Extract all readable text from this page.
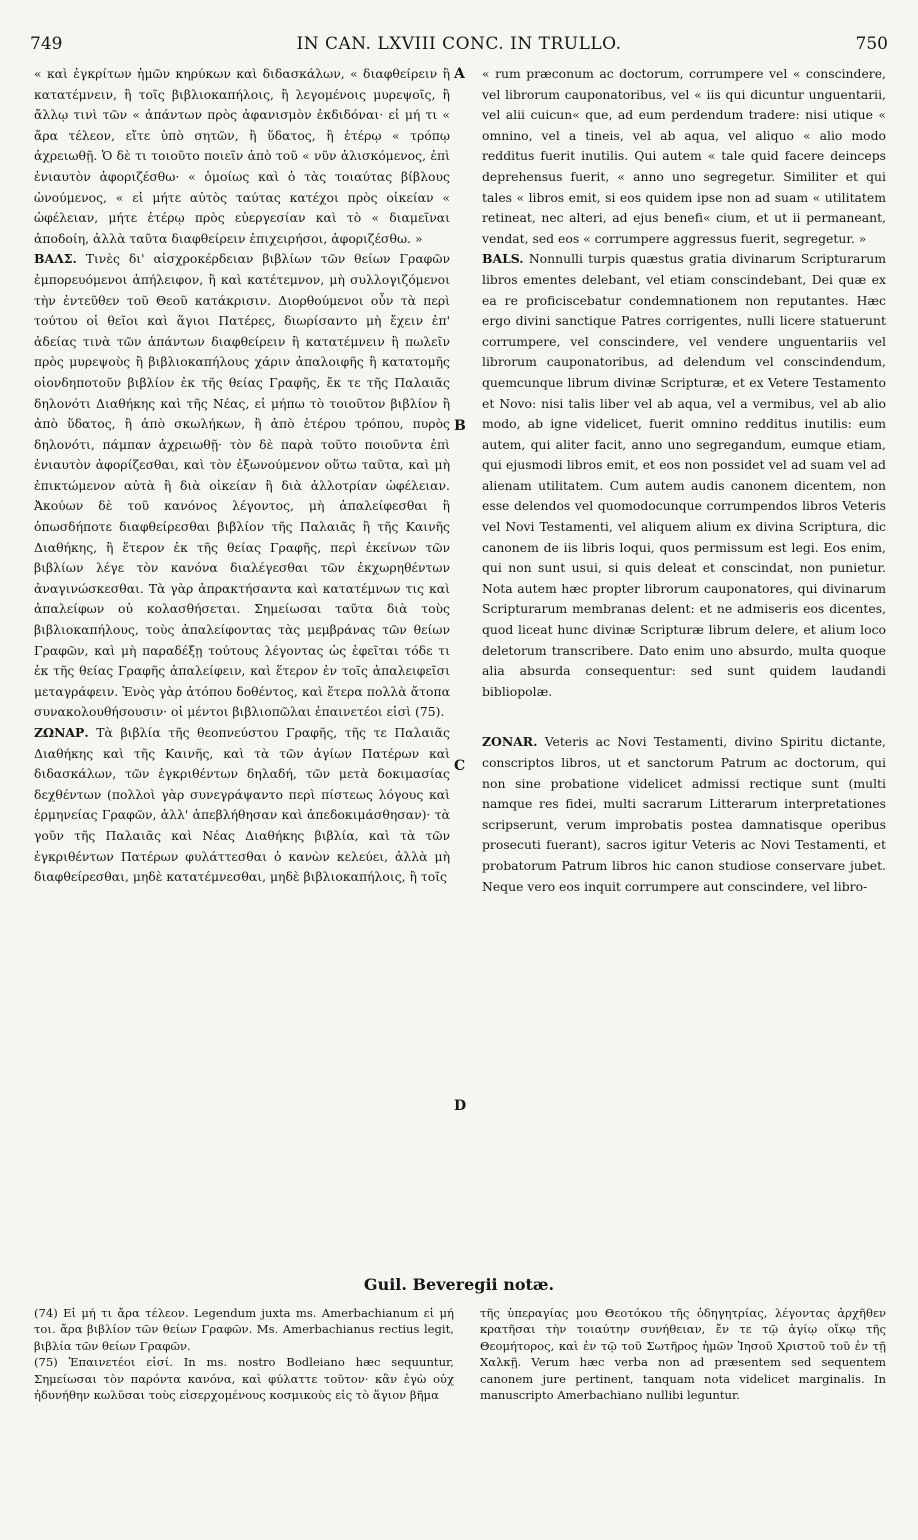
749	IN CAN. LXVIII CONC. IN TRULLO.	750

« καὶ ἐγκρίτων ἡμῶν κηρύκων καὶ διδασκάλων, « διαφθείρειν ἢ κατατέμνειν, ἢ τοῖς βιβλιοκαπήλοις, ἢ λεγομένοις μυρεψοῖς, ἢ ἄλλῳ τινὶ τῶν « ἁπάντων πρὸς ἀφανισμὸν ἐκδιδόναι· εἰ μή τι « ἄρα τέλεον, εἴτε ὑπὸ σητῶν, ἢ ὕδατος, ἢ ἑτέρῳ « τρόπῳ ἀχρειωθῇ. Ὁ δὲ τι τοιοῦτο ποιεῖν ἀπὸ τοῦ « νῦν ἁλισκόμενος, ἐπὶ ἐνιαυτὸν ἀφοριζέσθω· « ὁμοίως καὶ ὁ τὰς τοιαύτας βίβλους ὠνούμενος, « εἰ μήτε αὐτὸς ταύτας κατέχοι πρὸς οἰκείαν « ὠφέλειαν, μήτε ἑτέρῳ πρὸς εὐεργεσίαν καὶ τὸ « διαμεῖναι ἀποδοίη, ἀλλὰ ταῦτα διαφθείρειν ἐπιχειρήσοι, ἀφοριζέσθω. »

ΒΑΛΣ. Τινὲς δι' αἰσχροκέρδειαν βιβλίων τῶν θείων Γραφῶν ἐμπορευόμενοι ἀπήλειφον, ἢ καὶ κατέτεμνον, μὴ συλλογιζόμενοι τὴν ἐντεῦθεν τοῦ Θεοῦ κατάκρισιν. Διορθούμενοι οὖν τὰ περὶ τούτου οἱ θεῖοι καὶ ἅγιοι Πατέρες, διωρίσαντο μὴ ἔχειν ἐπ' ἀδείας τινὰ τῶν ἁπάντων διαφθείρειν ἢ κατατέμνειν ἢ πωλεῖν πρὸς μυρεψοὺς ἢ βιβλιοκαπήλους χάριν ἀπαλοιφῆς ἢ κατατομῆς οἱονδηποτοῦν βιβλίον ἐκ τῆς θείας Γραφῆς, ἔκ τε τῆς Παλαιᾶς δηλονότι Διαθήκης καὶ τῆς Νέας, εἰ μήπω τὸ τοιοῦτον βιβλίον ἢ ἀπὸ ὕδατος, ἢ ἀπὸ σκωλήκων, ἢ ἀπὸ ἑτέρου τρόπου, πυρὸς δηλονότι, πάμπαν ἀχρειωθῇ· τὸν δὲ παρὰ τοῦτο ποιοῦντα ἐπὶ ἐνιαυτὸν ἀφορίζεσθαι, καὶ τὸν ἐξωνούμενον οὕτω ταῦτα, καὶ μὴ ἐπικτώμενον αὐτὰ ἢ διὰ οἰκείαν ἢ διὰ ἀλλοτρίαν ὠφέλειαν. Ἀκούων δὲ τοῦ κανόνος λέγοντος, μὴ ἀπαλείφεσθαι ἢ ὁπωσδήποτε διαφθείρεσθαι βιβλίον τῆς Παλαιᾶς ἢ τῆς Καινῆς Διαθήκης, ἢ ἕτερον ἐκ τῆς θείας Γραφῆς, περὶ ἐκείνων τῶν βιβλίων λέγε τὸν κανόνα διαλέγεσθαι τῶν ἐκχωρηθέντων ἀναγινώσκεσθαι. Τὰ γὰρ ἀπρακτήσαντα καὶ κατατέμνων τις καὶ ἀπαλείφων οὐ κολασθήσεται. Σημείωσαι ταῦτα διὰ τοὺς βιβλιοκαπήλους, τοὺς ἀπαλείφοντας τὰς μεμβράνας τῶν θείων Γραφῶν, καὶ μὴ παραδέξῃ τούτους λέγοντας ὡς ἐφεῖται τόδε τι ἐκ τῆς θείας Γραφῆς ἀπαλείφειν, καὶ ἕτερον ἐν τοῖς ἀπαλειφεῖσι μεταγράφειν. Ἑνὸς γὰρ ἀτόπου δοθέντος, καὶ ἕτερα πολλὰ ἄτοπα συνακολουθήσουσιν· οἱ μέντοι βιβλιοπῶλαι ἐπαινετέοι εἰσὶ (75).

ΖΩΝΑΡ. Τὰ βιβλία τῆς θεοπνεύστου Γραφῆς, τῆς τε Παλαιᾶς Διαθήκης καὶ τῆς Καινῆς, καὶ τὰ τῶν ἁγίων Πατέρων καὶ διδασκάλων, τῶν ἐγκριθέντων δηλαδή, τῶν μετὰ δοκιμασίας δεχθέντων (πολλοὶ γὰρ συνεγράψαντο περὶ πίστεως λόγους καὶ ἑρμηνείας Γραφῶν, ἀλλ' ἀπεβλήθησαν καὶ ἀπεδοκιμάσθησαν)· τὰ γοῦν τῆς Παλαιᾶς καὶ Νέας Διαθήκης βιβλία, καὶ τὰ τῶν ἐγκριθέντων Πατέρων φυλάττεσθαι ὁ κανὼν κελεύει, ἀλλὰ μὴ διαφθείρεσθαι, μηδὲ κατατέμνεσθαι, μηδὲ βιβλιοκαπήλοις, ἢ τοῖς

A
B
C
D

« rum præconum ac doctorum, corrumpere vel « conscindere, vel librorum cauponatoribus, vel « iis qui dicuntur unguentarii, vel alii cuicun« que, ad eum perdendum tradere: nisi utique « omnino, vel a tineis, vel ab aqua, vel aliquo « alio modo redditus fuerit inutilis. Qui autem « tale quid facere deinceps deprehensus fuerit, « anno uno segregetur. Similiter et qui tales « libros emit, si eos quidem ipse non ad suam « utilitatem retineat, nec alteri, ad ejus benefi« cium, et ut ii permaneant, vendat, sed eos « corrumpere aggressus fuerit, segregetur. »

BALS. Nonnulli turpis quæstus gratia divinarum Scripturarum libros ementes delebant, vel etiam conscindebant, Dei quæ ex ea re proficiscebatur condemnationem non reputantes. Hæc ergo divini sanctique Patres corrigentes, nulli licere statuerunt corrumpere, vel conscindere, vel vendere unguentariis vel librorum cauponatoribus, ad delendum vel conscindendum, quemcunque librum divinæ Scripturæ, et ex Vetere Testamento et Novo: nisi talis liber vel ab aqua, vel a vermibus, vel ab alio modo, ab igne videlicet, fuerit omnino redditus inutilis: eum autem, qui aliter facit, anno uno segregandum, eumque etiam, qui ejusmodi libros emit, et eos non possidet vel ad suam vel ad alienam utilitatem. Cum autem audis canonem dicentem, non esse delendos vel quomodocunque corrumpendos libros Veteris vel Novi Testamenti, vel aliquem alium ex divina Scriptura, dic canonem de iis libris loqui, quos permissum est legi. Eos enim, qui non sunt usui, si quis deleat et conscindat, non punietur. Nota autem hæc propter librorum cauponatores, qui divinarum Scripturarum membranas delent: et ne admiseris eos dicentes, quod liceat hunc divinæ Scripturæ librum delere, et alium loco deletorum transcribere. Dato enim uno absurdo, multa quoque alia absurda consequentur: sed sunt quidem laudandi bibliopolæ.

ZONAR. Veteris ac Novi Testamenti, divino Spiritu dictante, conscriptos libros, ut et sanctorum Patrum ac doctorum, qui non sine probatione videlicet admissi rectique sunt (multi namque res fidei, multi sacrarum Litterarum interpretationes scripserunt, verum improbatis postea damnatisque operibus prosecuti fuerant), sacros igitur Veteris ac Novi Testamenti, et probatorum Patrum libros hic canon studiose conservare jubet. Neque vero eos inquit corrumpere aut conscindere, vel libro-

Guil. Beveregii notæ.

(74) Εἰ μή τι ἄρα τέλεον. Legendum juxta ms. Amerbachianum εἰ μή τοι. ἄρα βιβλίον τῶν θείων Γραφῶν. Ms. Amerbachianus rectius legit, βιβλία τῶν θείων Γραφῶν.

(75) Ἐπαινετέοι εἰσί. In ms. nostro Bodleiano hæc sequuntur, Σημείωσαι τὸν παρόντα κανόνα, καὶ φύλαττε τοῦτον· κἂν ἐγὼ οὐχ ἠδυνήθην κωλῦσαι τοὺς εἰσερχομένους κοσμικοὺς εἰς τὸ ἅγιον βῆμα

τῆς ὑπεραγίας μου Θεοτόκου τῆς ὁδηγητρίας, λέγοντας ἀρχῆθεν κρατῆσαι τὴν τοιαύτην συνήθειαν, ἔν τε τῷ ἁγίῳ οἴκῳ τῆς Θεομήτορος, καὶ ἐν τῷ τοῦ Σωτῆρος ἡμῶν Ἰησοῦ Χριστοῦ τοῦ ἐν τῇ Χαλκῇ. Verum hæc verba non ad præsentem sed sequentem canonem jure pertinent, tanquam nota videlicet marginalis. In manuscripto Amerbachiano nullibi leguntur.
